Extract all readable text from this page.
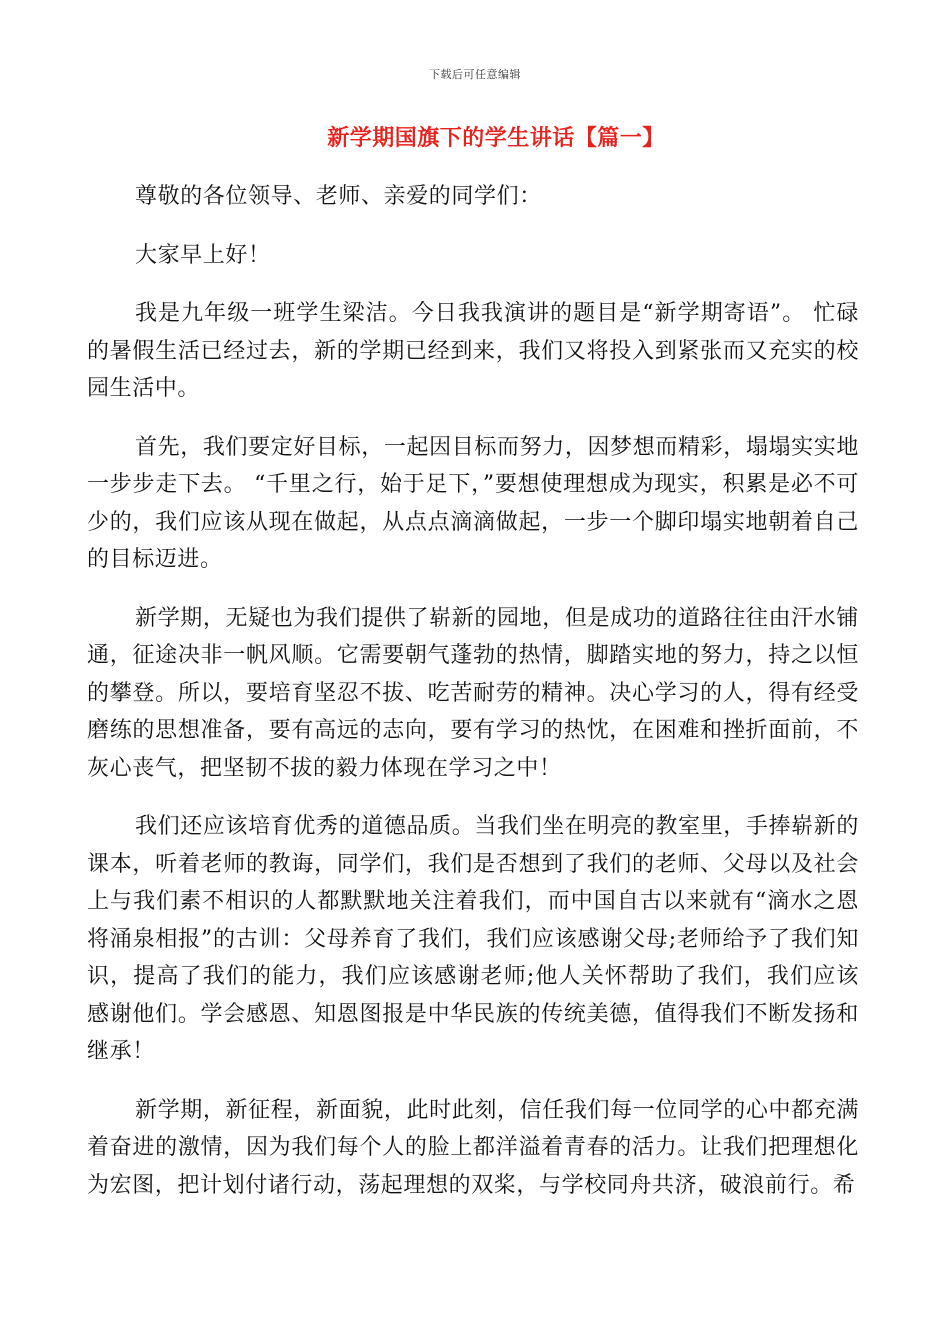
下载后可任意编辑
新学期国旗下的学生讲话【篇一】

尊敬的各位领导、老师、亲爱的同学们：

大家早上好！

我是九年级一班学生梁洁。今日我我演讲的题目是“新学期寄语”。 忙碌的暑假生活已经过去，新的学期已经到来，我们又将投入到紧张而又充实的校园生活中。

首先，我们要定好目标，一起因目标而努力，因梦想而精彩，塌塌实实地一步步走下去。 “千里之行，始于足下，”要想使理想成为现实，积累是必不可少的，我们应该从现在做起，从点点滴滴做起，一步一个脚印塌实地朝着自己的目标迈进。

新学期，无疑也为我们提供了崭新的园地，但是成功的道路往往由汗水铺通，征途决非一帆风顺。它需要朝气蓬勃的热情，脚踏实地的努力，持之以恒的攀登。所以，要培育坚忍不拔、吃苦耐劳的精神。决心学习的人，得有经受磨练的思想准备，要有高远的志向，要有学习的热忱，在困难和挫折面前，不灰心丧气，把坚韧不拔的毅力体现在学习之中！

我们还应该培育优秀的道德品质。当我们坐在明亮的教室里，手捧崭新的课本，听着老师的教诲，同学们，我们是否想到了我们的老师、父母以及社会上与我们素不相识的人都默默地关注着我们，而中国自古以来就有“滴水之恩将涌泉相报”的古训：父母养育了我们，我们应该感谢父母;老师给予了我们知识，提高了我们的能力，我们应该感谢老师;他人关怀帮助了我们，我们应该感谢他们。学会感恩、知恩图报是中华民族的传统美德，值得我们不断发扬和继承！

新学期，新征程，新面貌，此时此刻，信任我们每一位同学的心中都充满着奋进的激情，因为我们每个人的脸上都洋溢着青春的活力。让我们把理想化为宏图，把计划付诸行动，荡起理想的双桨，与学校同舟共济，破浪前行。希
